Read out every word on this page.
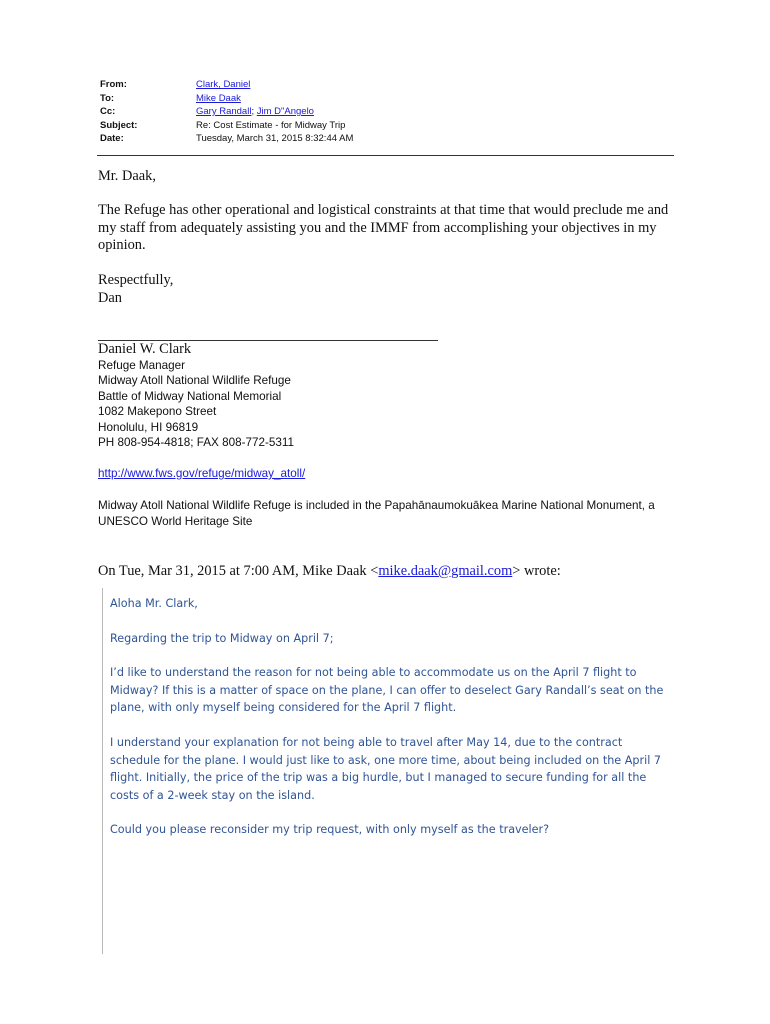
From:	Clark, Daniel
To:	Mike Daak
Cc:	Gary Randall; Jim D"Angelo
Subject:	Re: Cost Estimate - for Midway Trip
Date:	Tuesday, March 31, 2015 8:32:44 AM
Mr. Daak,
The Refuge has other operational and logistical constraints at that time that would preclude me and my staff from adequately assisting you and the IMMF from accomplishing your objectives in my opinion.
Respectfully,
Dan
Daniel W. Clark
Refuge Manager
Midway Atoll National Wildlife Refuge
Battle of Midway National Memorial
1082 Makepono Street
Honolulu, HI 96819
PH 808-954-4818; FAX 808-772-5311
http://www.fws.gov/refuge/midway_atoll/
Midway Atoll National Wildlife Refuge is included in the Papahānaumokuākea Marine National Monument, a UNESCO World Heritage Site
On Tue, Mar 31, 2015 at 7:00 AM, Mike Daak <mike.daak@gmail.com> wrote:

Aloha Mr. Clark,

Regarding the trip to Midway on April 7;

I’d like to understand the reason for not being able to accommodate us on the April 7 flight to Midway? If this is a matter of space on the plane, I can offer to deselect Gary Randall’s seat on the plane, with only myself being considered for the April 7 flight.

I understand your explanation for not being able to travel after May 14, due to the contract schedule for the plane. I would just like to ask, one more time, about being included on the April 7 flight. Initially, the price of the trip was a big hurdle, but I managed to secure funding for all the costs of a 2-week stay on the island.

Could you please reconsider my trip request, with only myself as the traveler?
